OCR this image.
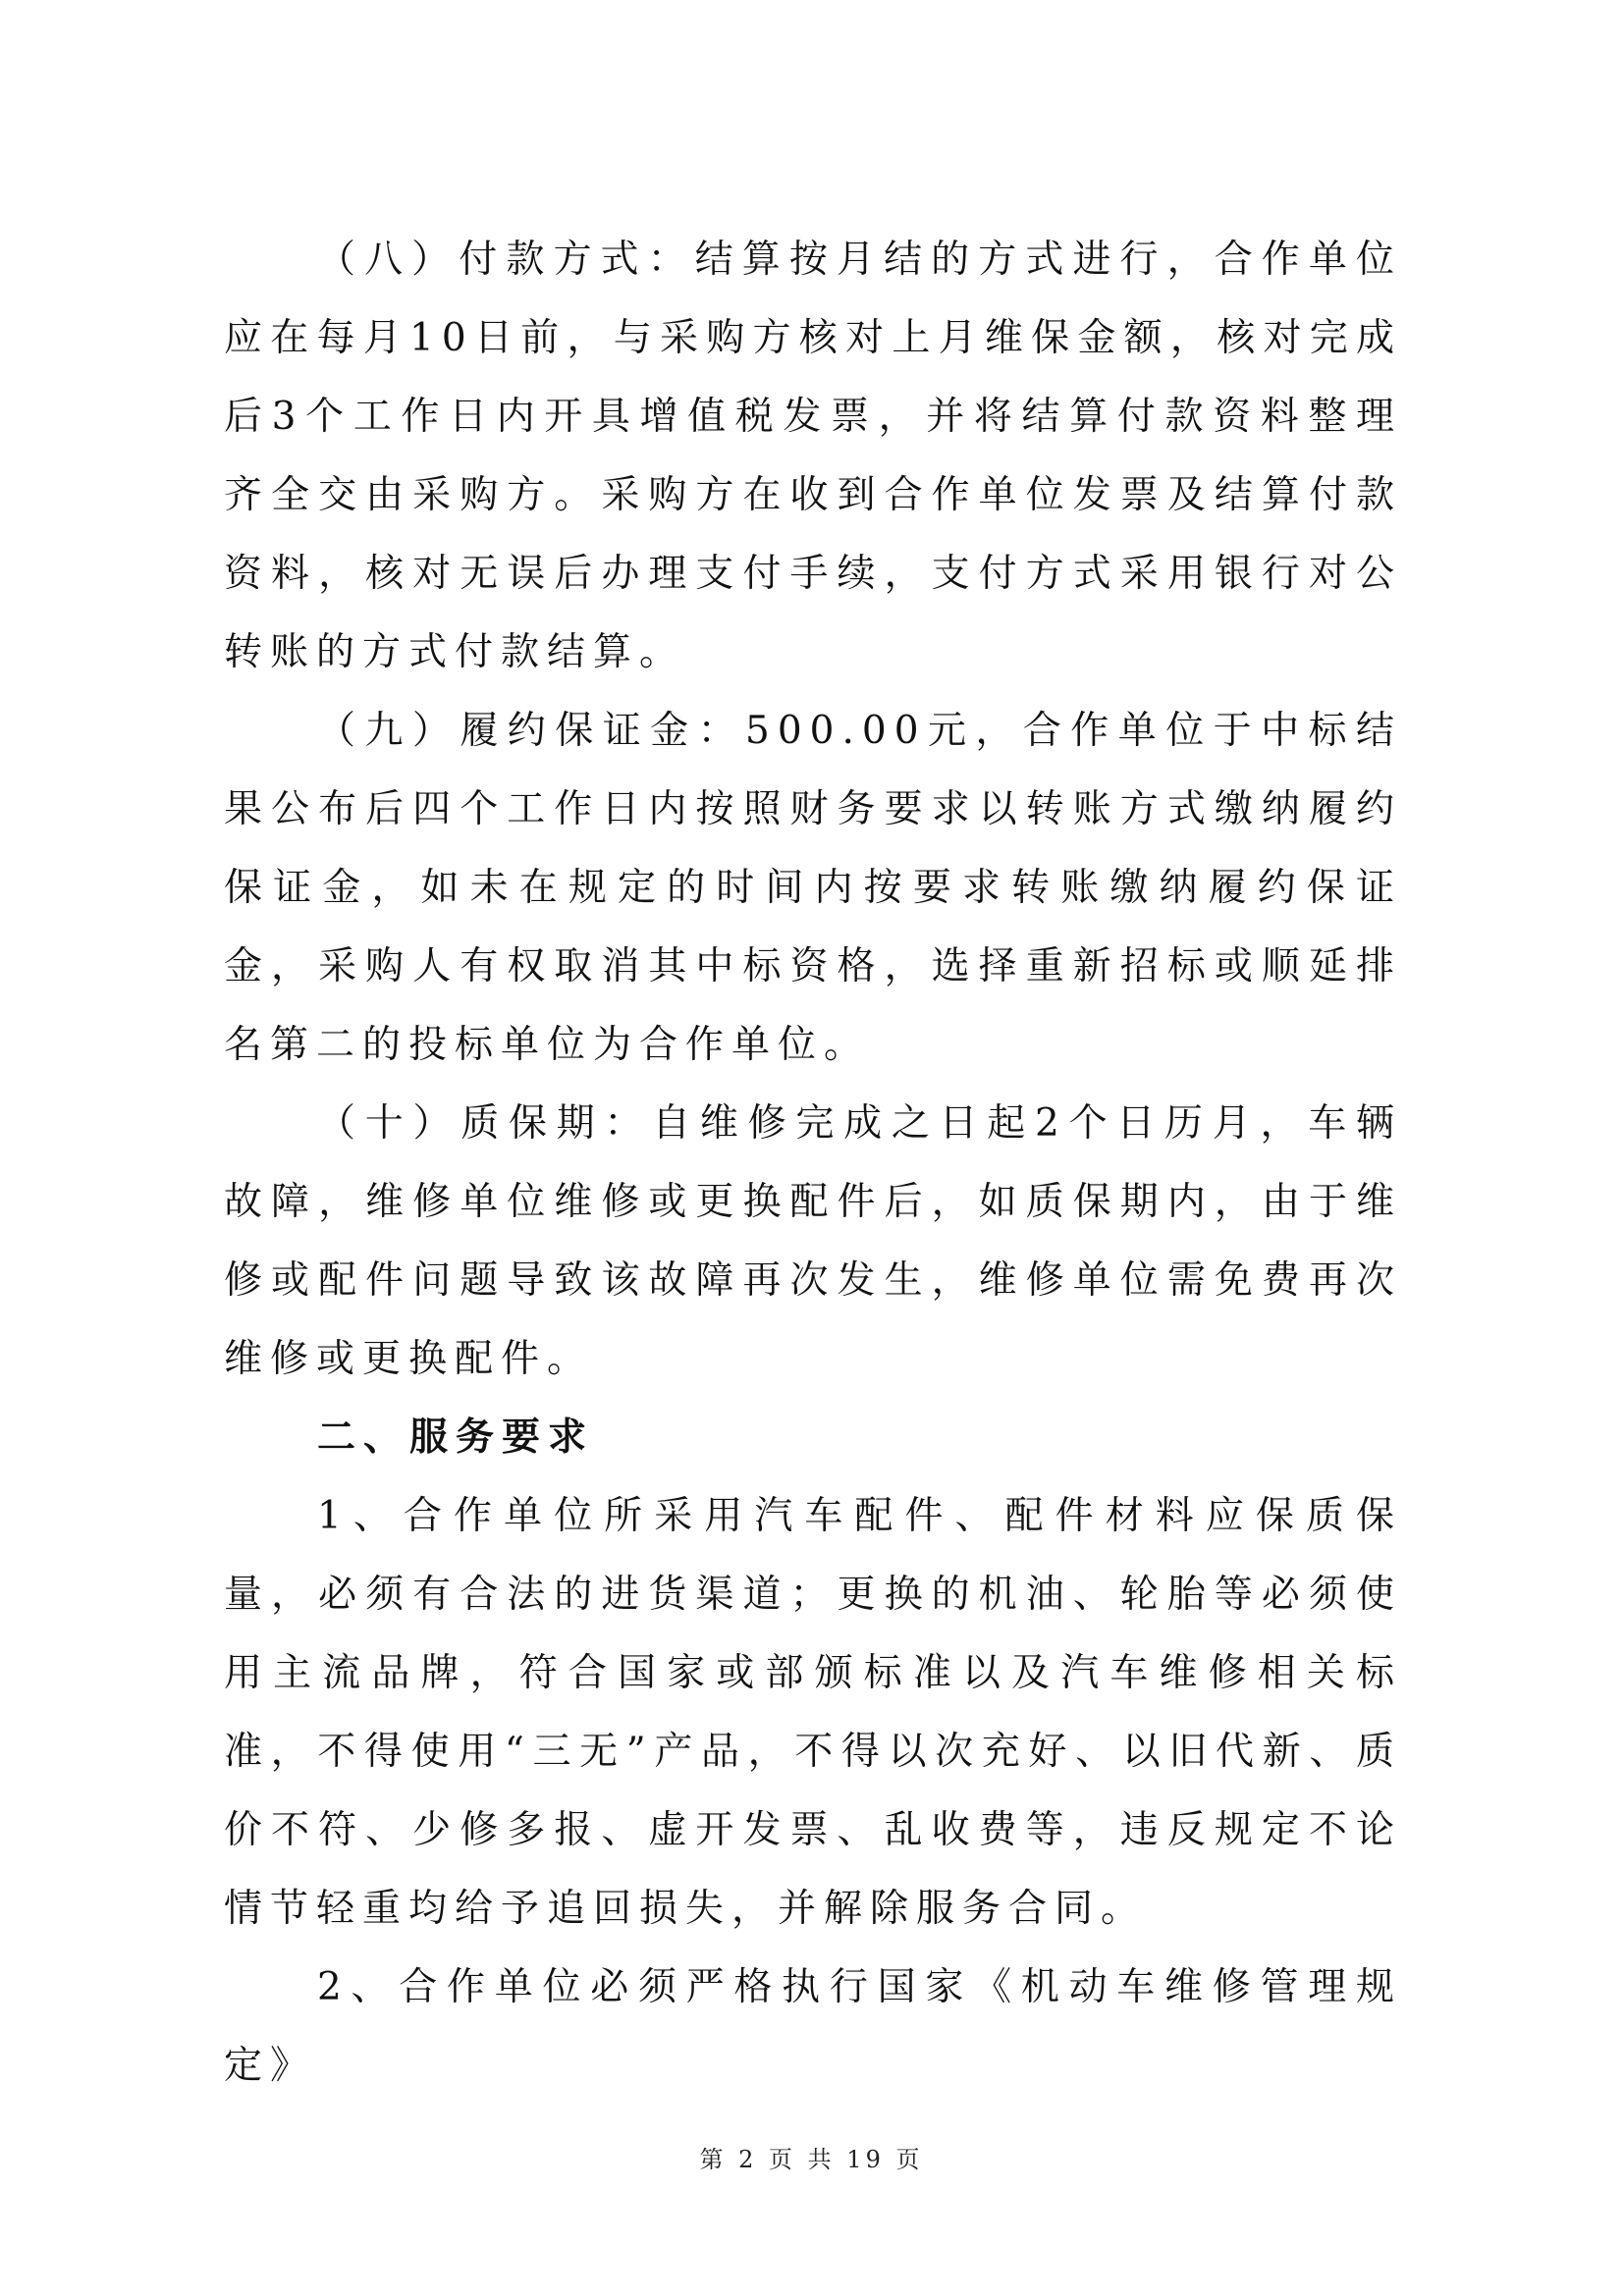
（八）付款方式：结算按月结的方式进行，合作单位应在每月10日前，与采购方核对上月维保金额，核对完成后3个工作日内开具增值税发票，并将结算付款资料整理齐全交由采购方。采购方在收到合作单位发票及结算付款资料，核对无误后办理支付手续，支付方式采用银行对公转账的方式付款结算。

（九）履约保证金：500.00元，合作单位于中标结果公布后四个工作日内按照财务要求以转账方式缴纳履约保证金，如未在规定的时间内按要求转账缴纳履约保证金，采购人有权取消其中标资格，选择重新招标或顺延排名第二的投标单位为合作单位。

（十）质保期：自维修完成之日起2个日历月，车辆故障，维修单位维修或更换配件后，如质保期内，由于维修或配件问题导致该故障再次发生，维修单位需免费再次维修或更换配件。

二、服务要求

1、合作单位所采用汽车配件、配件材料应保质保量，必须有合法的进货渠道；更换的机油、轮胎等必须使用主流品牌，符合国家或部颁标准以及汽车维修相关标准，不得使用“三无”产品，不得以次充好、以旧代新、质价不符、少修多报、虚开发票、乱收费等，违反规定不论情节轻重均给予追回损失，并解除服务合同。

2、合作单位必须严格执行国家《机动车维修管理规定》

第 2 页 共 19 页
